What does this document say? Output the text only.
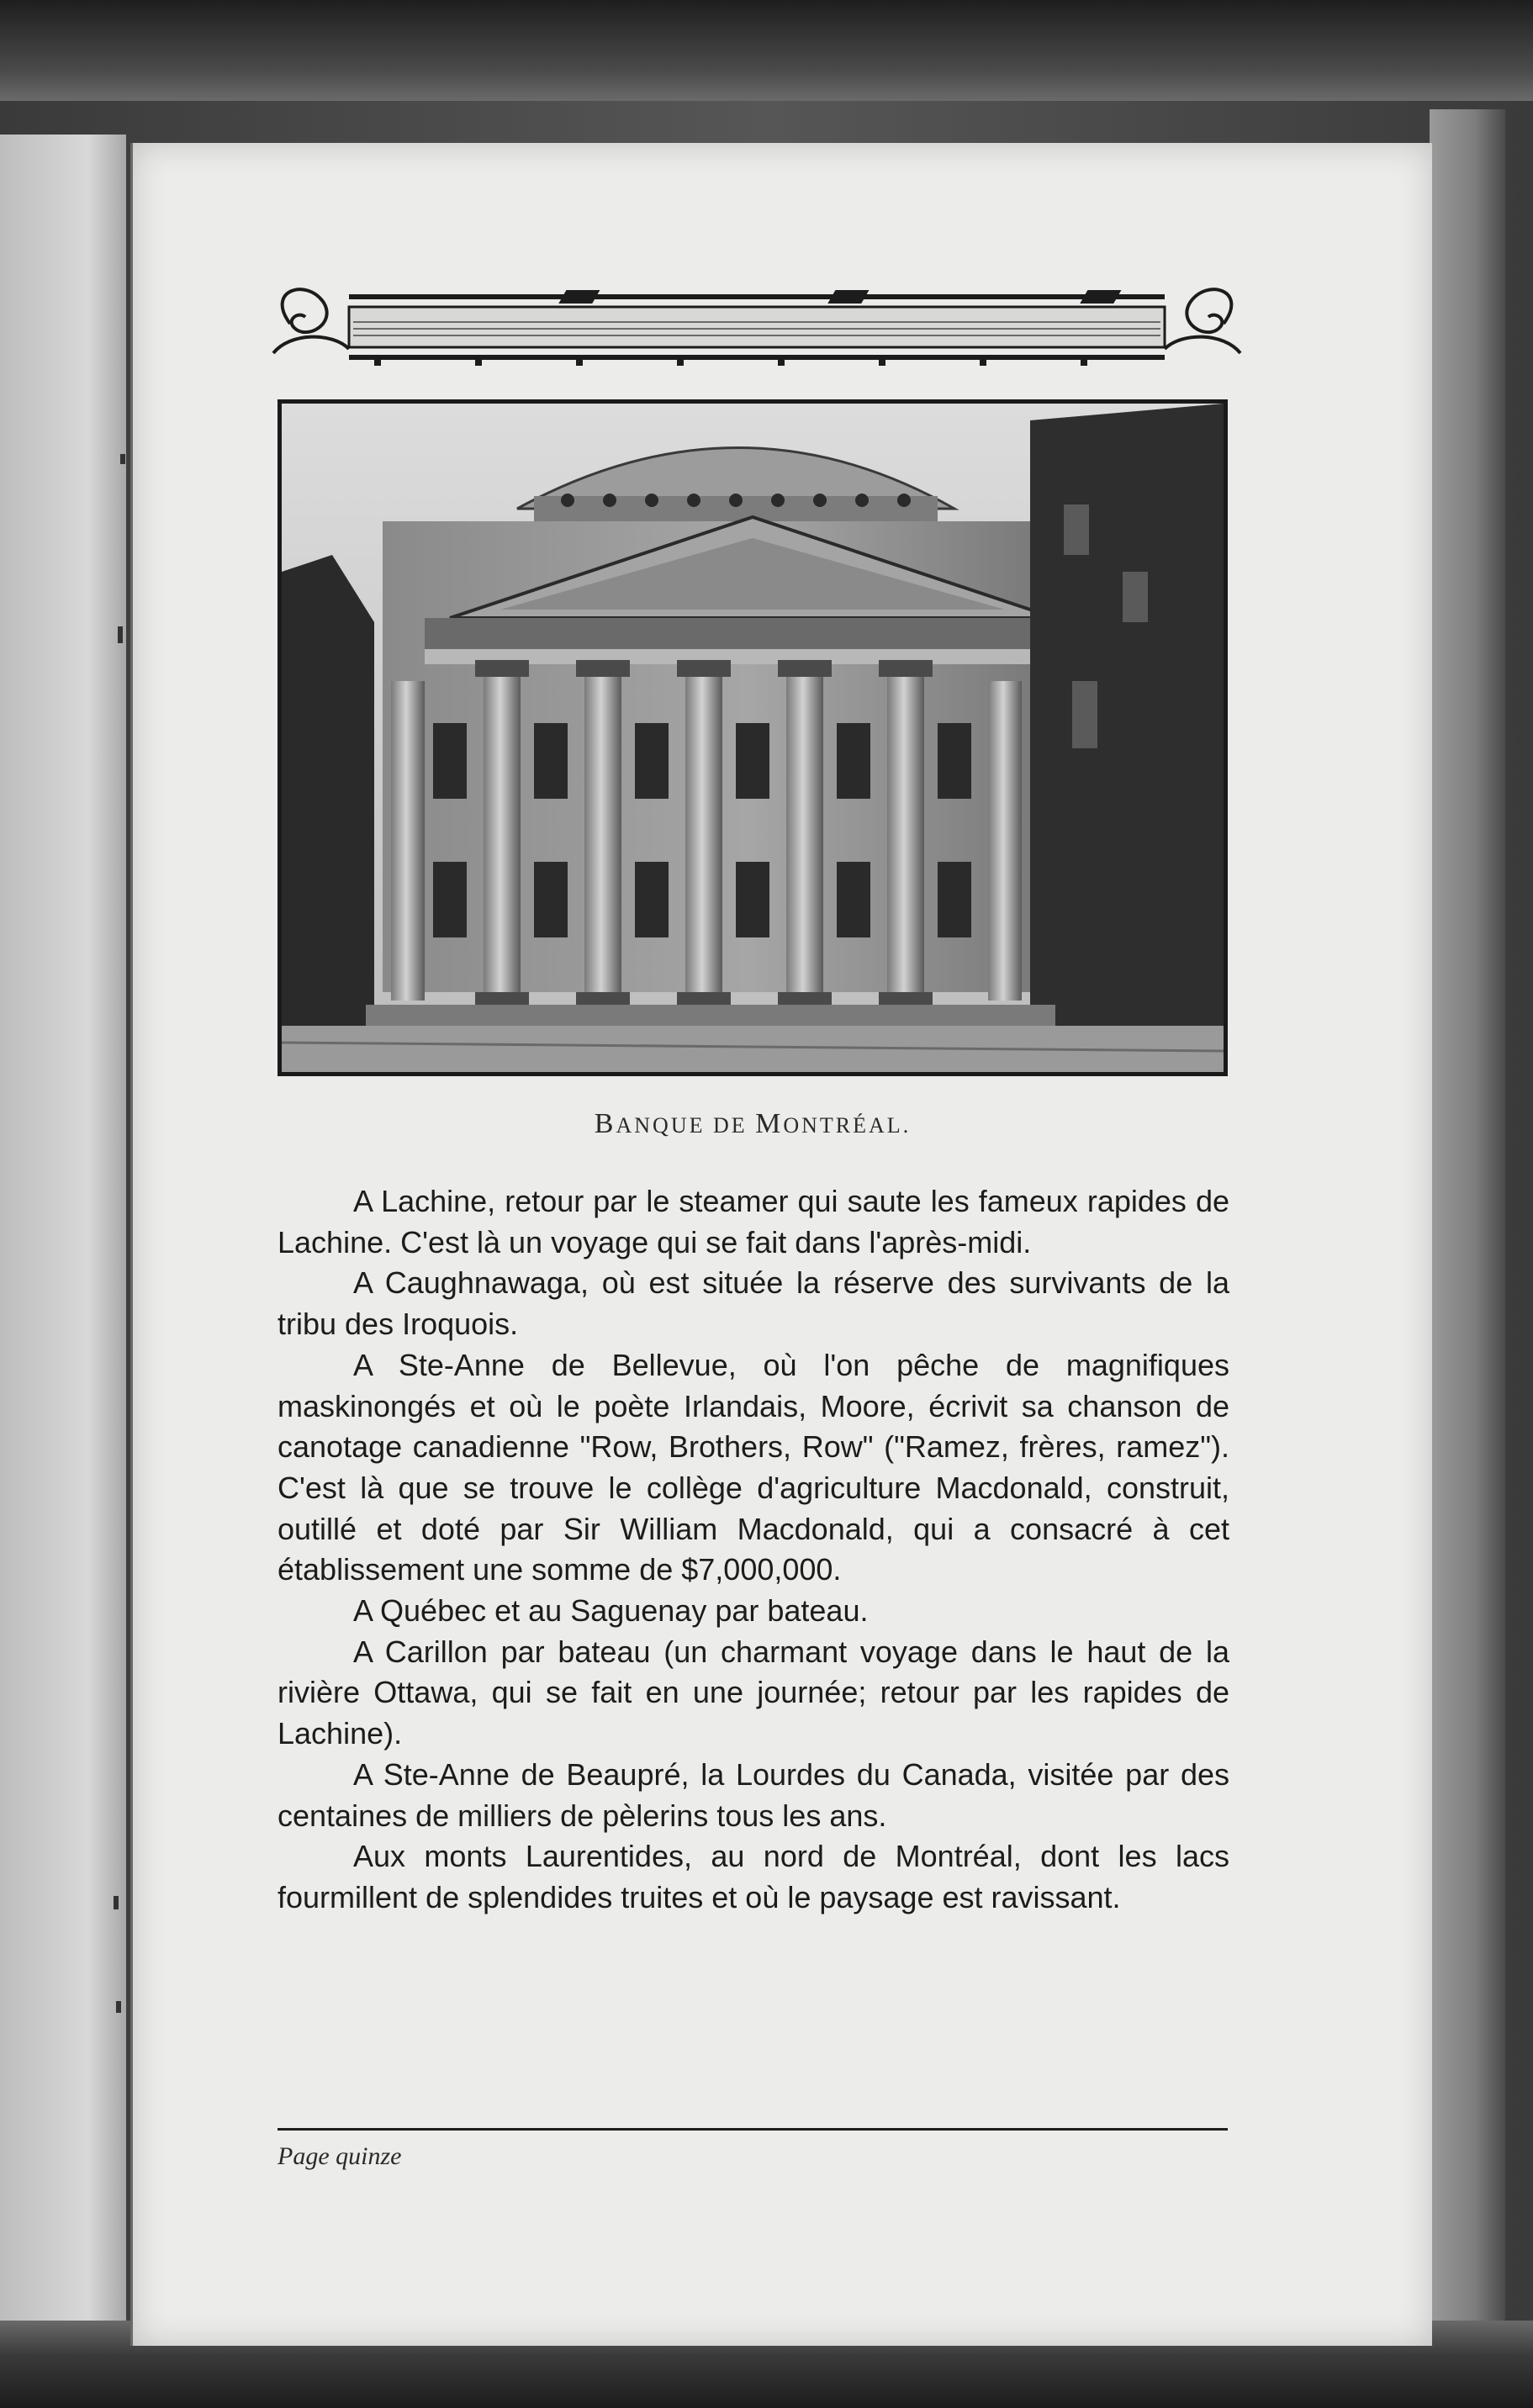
BANQUE DE MONTRÉAL.

A Lachine, retour par le steamer qui saute les fameux rapides de Lachine. C'est là un voyage qui se fait dans l'après-midi.

A Caughnawaga, où est située la réserve des survivants de la tribu des Iroquois.

A Ste-Anne de Bellevue, où l'on pêche de magnifiques maskinongés et où le poète Irlandais, Moore, écrivit sa chanson de canotage canadienne "Row, Brothers, Row" ("Ramez, frères, ramez"). C'est là que se trouve le collège d'agriculture Macdonald, construit, outillé et doté par Sir William Macdonald, qui a consacré à cet établissement une somme de $7,000,000.

A Québec et au Saguenay par bateau.

A Carillon par bateau (un charmant voyage dans le haut de la rivière Ottawa, qui se fait en une journée; retour par les rapides de Lachine).

A Ste-Anne de Beaupré, la Lourdes du Canada, visitée par des centaines de milliers de pèlerins tous les ans.

Aux monts Laurentides, au nord de Montréal, dont les lacs fourmillent de splendides truites et où le paysage est ravissant.

Page quinze
